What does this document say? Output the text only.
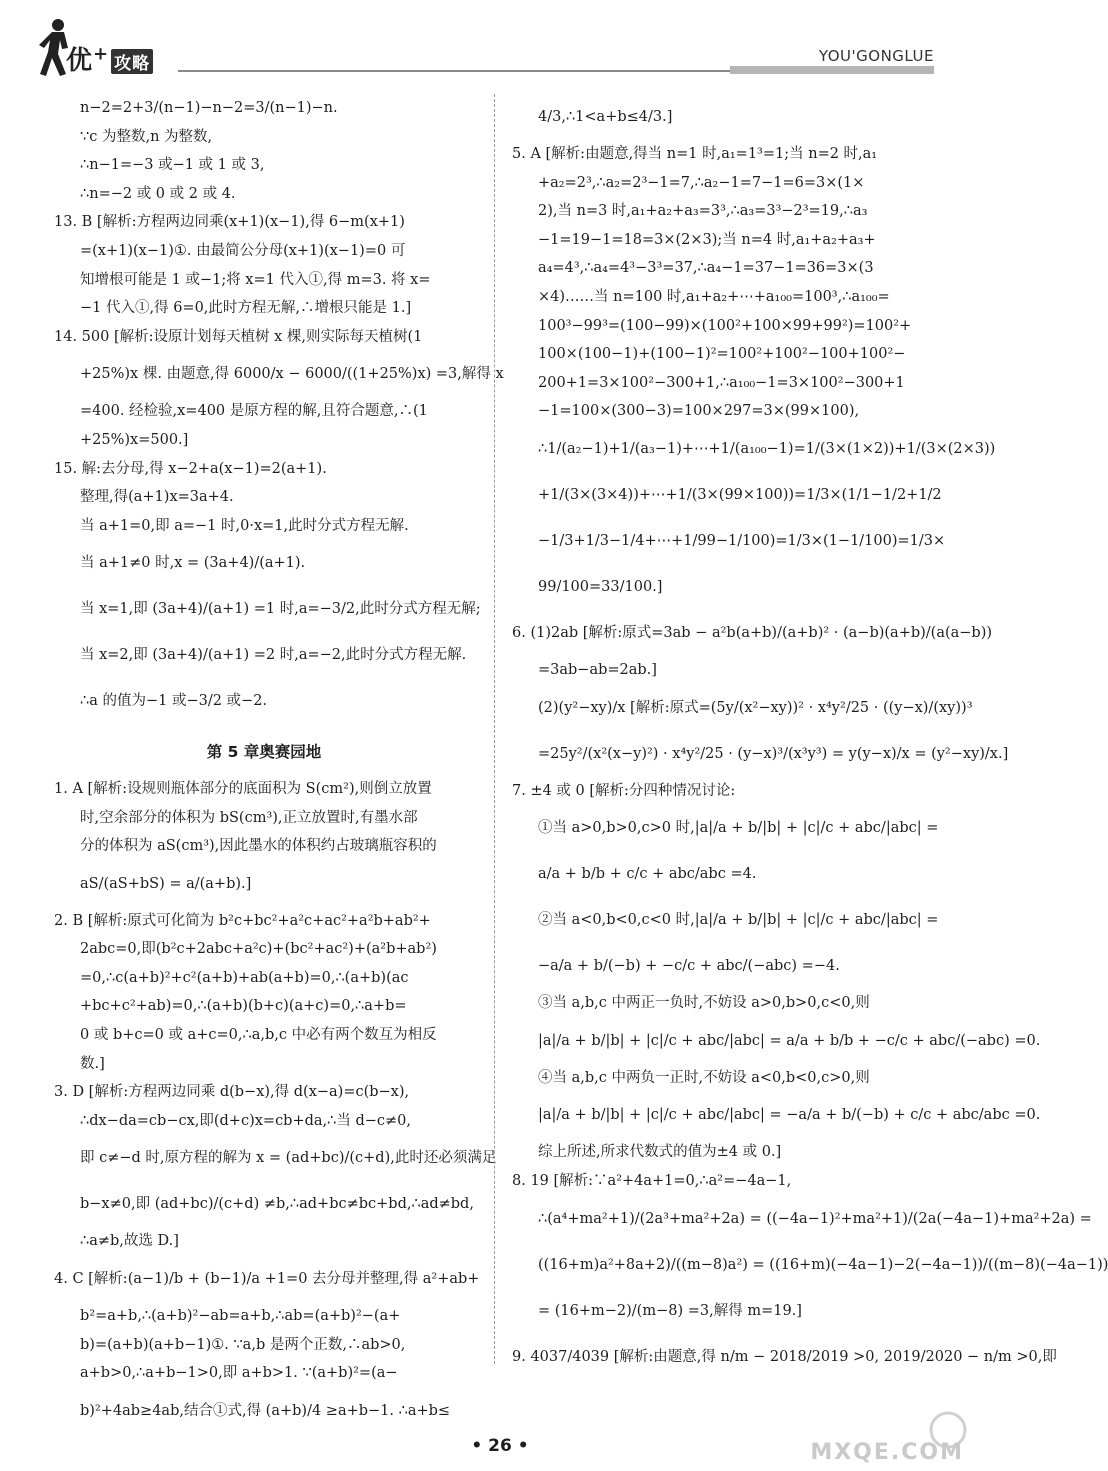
优+ 攻略	YOU'GONGLUE
n−2=2+3/(n−1)−n−2=3/(n−1)−n.
∵c 为整数,n 为整数,
∴n−1=−3 或−1 或 1 或 3,
∴n=−2 或 0 或 2 或 4.
13. B [解析:方程两边同乘(x+1)(x−1),得 6−m(x+1)
=(x+1)(x−1)①. 由最简公分母(x+1)(x−1)=0 可
知增根可能是 1 或−1;将 x=1 代入①,得 m=3. 将 x=
−1 代入①,得 6=0,此时方程无解,∴增根只能是 1.]
14. 500 [解析:设原计划每天植树 x 棵,则实际每天植树(1
+25%)x 棵. 由题意,得 6000/x − 6000/((1+25%)x) =3,解得 x
=400. 经检验,x=400 是原方程的解,且符合题意,∴(1
+25%)x=500.]
15. 解:去分母,得 x−2+a(x−1)=2(a+1).
整理,得(a+1)x=3a+4.
当 a+1=0,即 a=−1 时,0·x=1,此时分式方程无解.
当 a+1≠0 时,x = (3a+4)/(a+1).
当 x=1,即 (3a+4)/(a+1) =1 时,a=−3/2,此时分式方程无解;
当 x=2,即 (3a+4)/(a+1) =2 时,a=−2,此时分式方程无解.
∴a 的值为−1 或−3/2 或−2.
第 5 章奥赛园地
1. A [解析:设规则瓶体部分的底面积为 S(cm²),则倒立放置
时,空余部分的体积为 bS(cm³),正立放置时,有墨水部
分的体积为 aS(cm³),因此墨水的体积约占玻璃瓶容积的
aS/(aS+bS) = a/(a+b).]
2. B [解析:原式可化简为 b²c+bc²+a²c+ac²+a²b+ab²+
2abc=0,即(b²c+2abc+a²c)+(bc²+ac²)+(a²b+ab²)
=0,∴c(a+b)²+c²(a+b)+ab(a+b)=0,∴(a+b)(ac
+bc+c²+ab)=0,∴(a+b)(b+c)(a+c)=0,∴a+b=
0 或 b+c=0 或 a+c=0,∴a,b,c 中必有两个数互为相反
数.]
3. D [解析:方程两边同乘 d(b−x),得 d(x−a)=c(b−x),
∴dx−da=cb−cx,即(d+c)x=cb+da,∴当 d−c≠0,
即 c≠−d 时,原方程的解为 x = (ad+bc)/(c+d),此时还必须满足
b−x≠0,即 (ad+bc)/(c+d) ≠b,∴ad+bc≠bc+bd,∴ad≠bd,
∴a≠b,故选 D.]
4. C [解析:(a−1)/b + (b−1)/a +1=0 去分母并整理,得 a²+ab+
b²=a+b,∴(a+b)²−ab=a+b,∴ab=(a+b)²−(a+
b)=(a+b)(a+b−1)①. ∵a,b 是两个正数,∴ab>0,
a+b>0,∴a+b−1>0,即 a+b>1. ∵(a+b)²=(a−
b)²+4ab≥4ab,结合①式,得 (a+b)/4 ≥a+b−1. ∴a+b≤
4/3,∴1<a+b≤4/3.]
5. A [解析:由题意,得当 n=1 时,a₁=1³=1;当 n=2 时,a₁
+a₂=2³,∴a₂=2³−1=7,∴a₂−1=7−1=6=3×(1×
2),当 n=3 时,a₁+a₂+a₃=3³,∴a₃=3³−2³=19,∴a₃
−1=19−1=18=3×(2×3);当 n=4 时,a₁+a₂+a₃+
a₄=4³,∴a₄=4³−3³=37,∴a₄−1=37−1=36=3×(3
×4)……当 n=100 时,a₁+a₂+⋯+a₁₀₀=100³,∴a₁₀₀=
100³−99³=(100−99)×(100²+100×99+99²)=100²+
100×(100−1)+(100−1)²=100²+100²−100+100²−
200+1=3×100²−300+1,∴a₁₀₀−1=3×100²−300+1
−1=100×(300−3)=100×297=3×(99×100),
∴1/(a₂−1)+1/(a₃−1)+⋯+1/(a₁₀₀−1)=1/(3×(1×2))+1/(3×(2×3))
+1/(3×(3×4))+⋯+1/(3×(99×100))=1/3×(1/1−1/2+1/2
−1/3+1/3−1/4+⋯+1/99−1/100)=1/3×(1−1/100)=1/3×
99/100=33/100.]
6. (1)2ab [解析:原式=3ab − a²b(a+b)/(a+b)² · (a−b)(a+b)/(a(a−b))
=3ab−ab=2ab.]
(2)(y²−xy)/x [解析:原式=(5y/(x²−xy))² · x⁴y²/25 · ((y−x)/(xy))³
=25y²/(x²(x−y)²) · x⁴y²/25 · (y−x)³/(x³y³) = y(y−x)/x = (y²−xy)/x.]
7. ±4 或 0 [解析:分四种情况讨论:
①当 a>0,b>0,c>0 时,|a|/a + b/|b| + |c|/c + abc/|abc| =
a/a + b/b + c/c + abc/abc =4.
②当 a<0,b<0,c<0 时,|a|/a + b/|b| + |c|/c + abc/|abc| =
−a/a + b/(−b) + −c/c + abc/(−abc) =−4.
③当 a,b,c 中两正一负时,不妨设 a>0,b>0,c<0,则
|a|/a + b/|b| + |c|/c + abc/|abc| = a/a + b/b + −c/c + abc/(−abc) =0.
④当 a,b,c 中两负一正时,不妨设 a<0,b<0,c>0,则
|a|/a + b/|b| + |c|/c + abc/|abc| = −a/a + b/(−b) + c/c + abc/abc =0.
综上所述,所求代数式的值为±4 或 0.]
8. 19 [解析:∵a²+4a+1=0,∴a²=−4a−1,
∴(a⁴+ma²+1)/(2a³+ma²+2a) = ((−4a−1)²+ma²+1)/(2a(−4a−1)+ma²+2a) =
((16+m)a²+8a+2)/((m−8)a²) = ((16+m)(−4a−1)−2(−4a−1))/((m−8)(−4a−1))
= (16+m−2)/(m−8) =3,解得 m=19.]
9. 4037/4039 [解析:由题意,得 n/m − 2018/2019 >0, 2019/2020 − n/m >0,即
• 26 •	MXQE.COM
